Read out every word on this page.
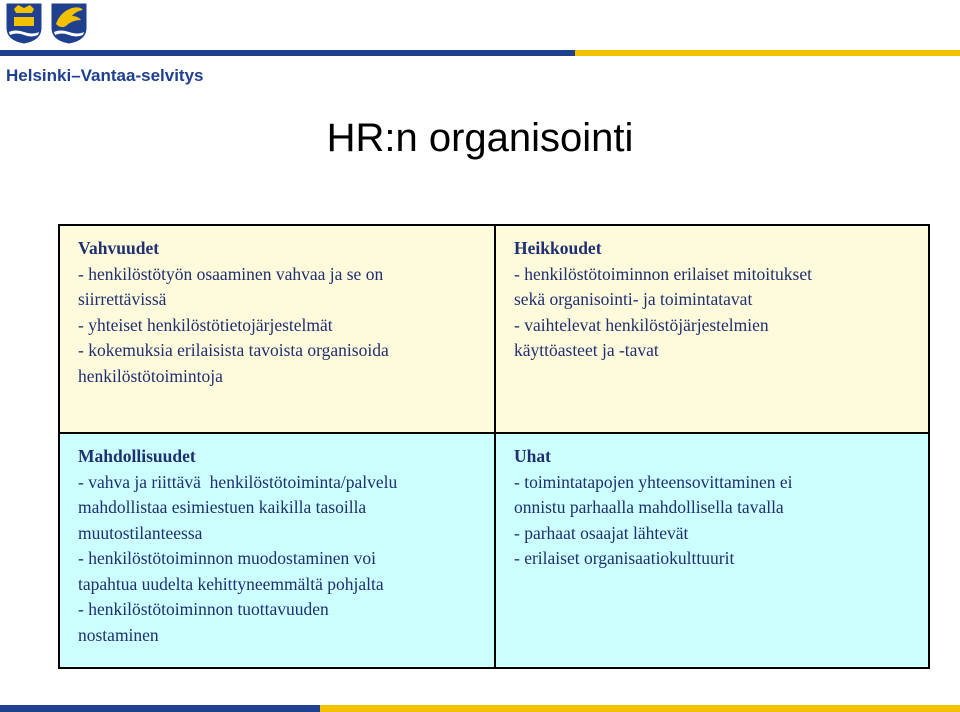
Helsinki–Vantaa-selvitys
HR:n organisointi
Vahvuudet
- henkilöstötyön osaaminen vahvaa ja se on
siirrettävissä
- yhteiset henkilöstötietojärjestelmät
- kokemuksia erilaisista tavoista organisoida
henkilöstötoimintoja
Heikkoudet
- henkilöstötoiminnon erilaiset mitoitukset
sekä organisointi- ja toimintatavat
- vaihtelevat henkilöstöjärjestelmien
käyttöasteet ja -tavat
Mahdollisuudet
- vahva ja riittävä  henkilöstötoiminta/palvelu
mahdollistaa esimiestuen kaikilla tasoilla
muutostilanteessa
- henkilöstötoiminnon muodostaminen voi
tapahtua uudelta kehittyneemmältä pohjalta
- henkilöstötoiminnon tuottavuuden
nostaminen
Uhat
- toimintatapojen yhteensovittaminen ei
onnistu parhaalla mahdollisella tavalla
- parhaat osaajat lähtevät
- erilaiset organisaatiokulttuurit
